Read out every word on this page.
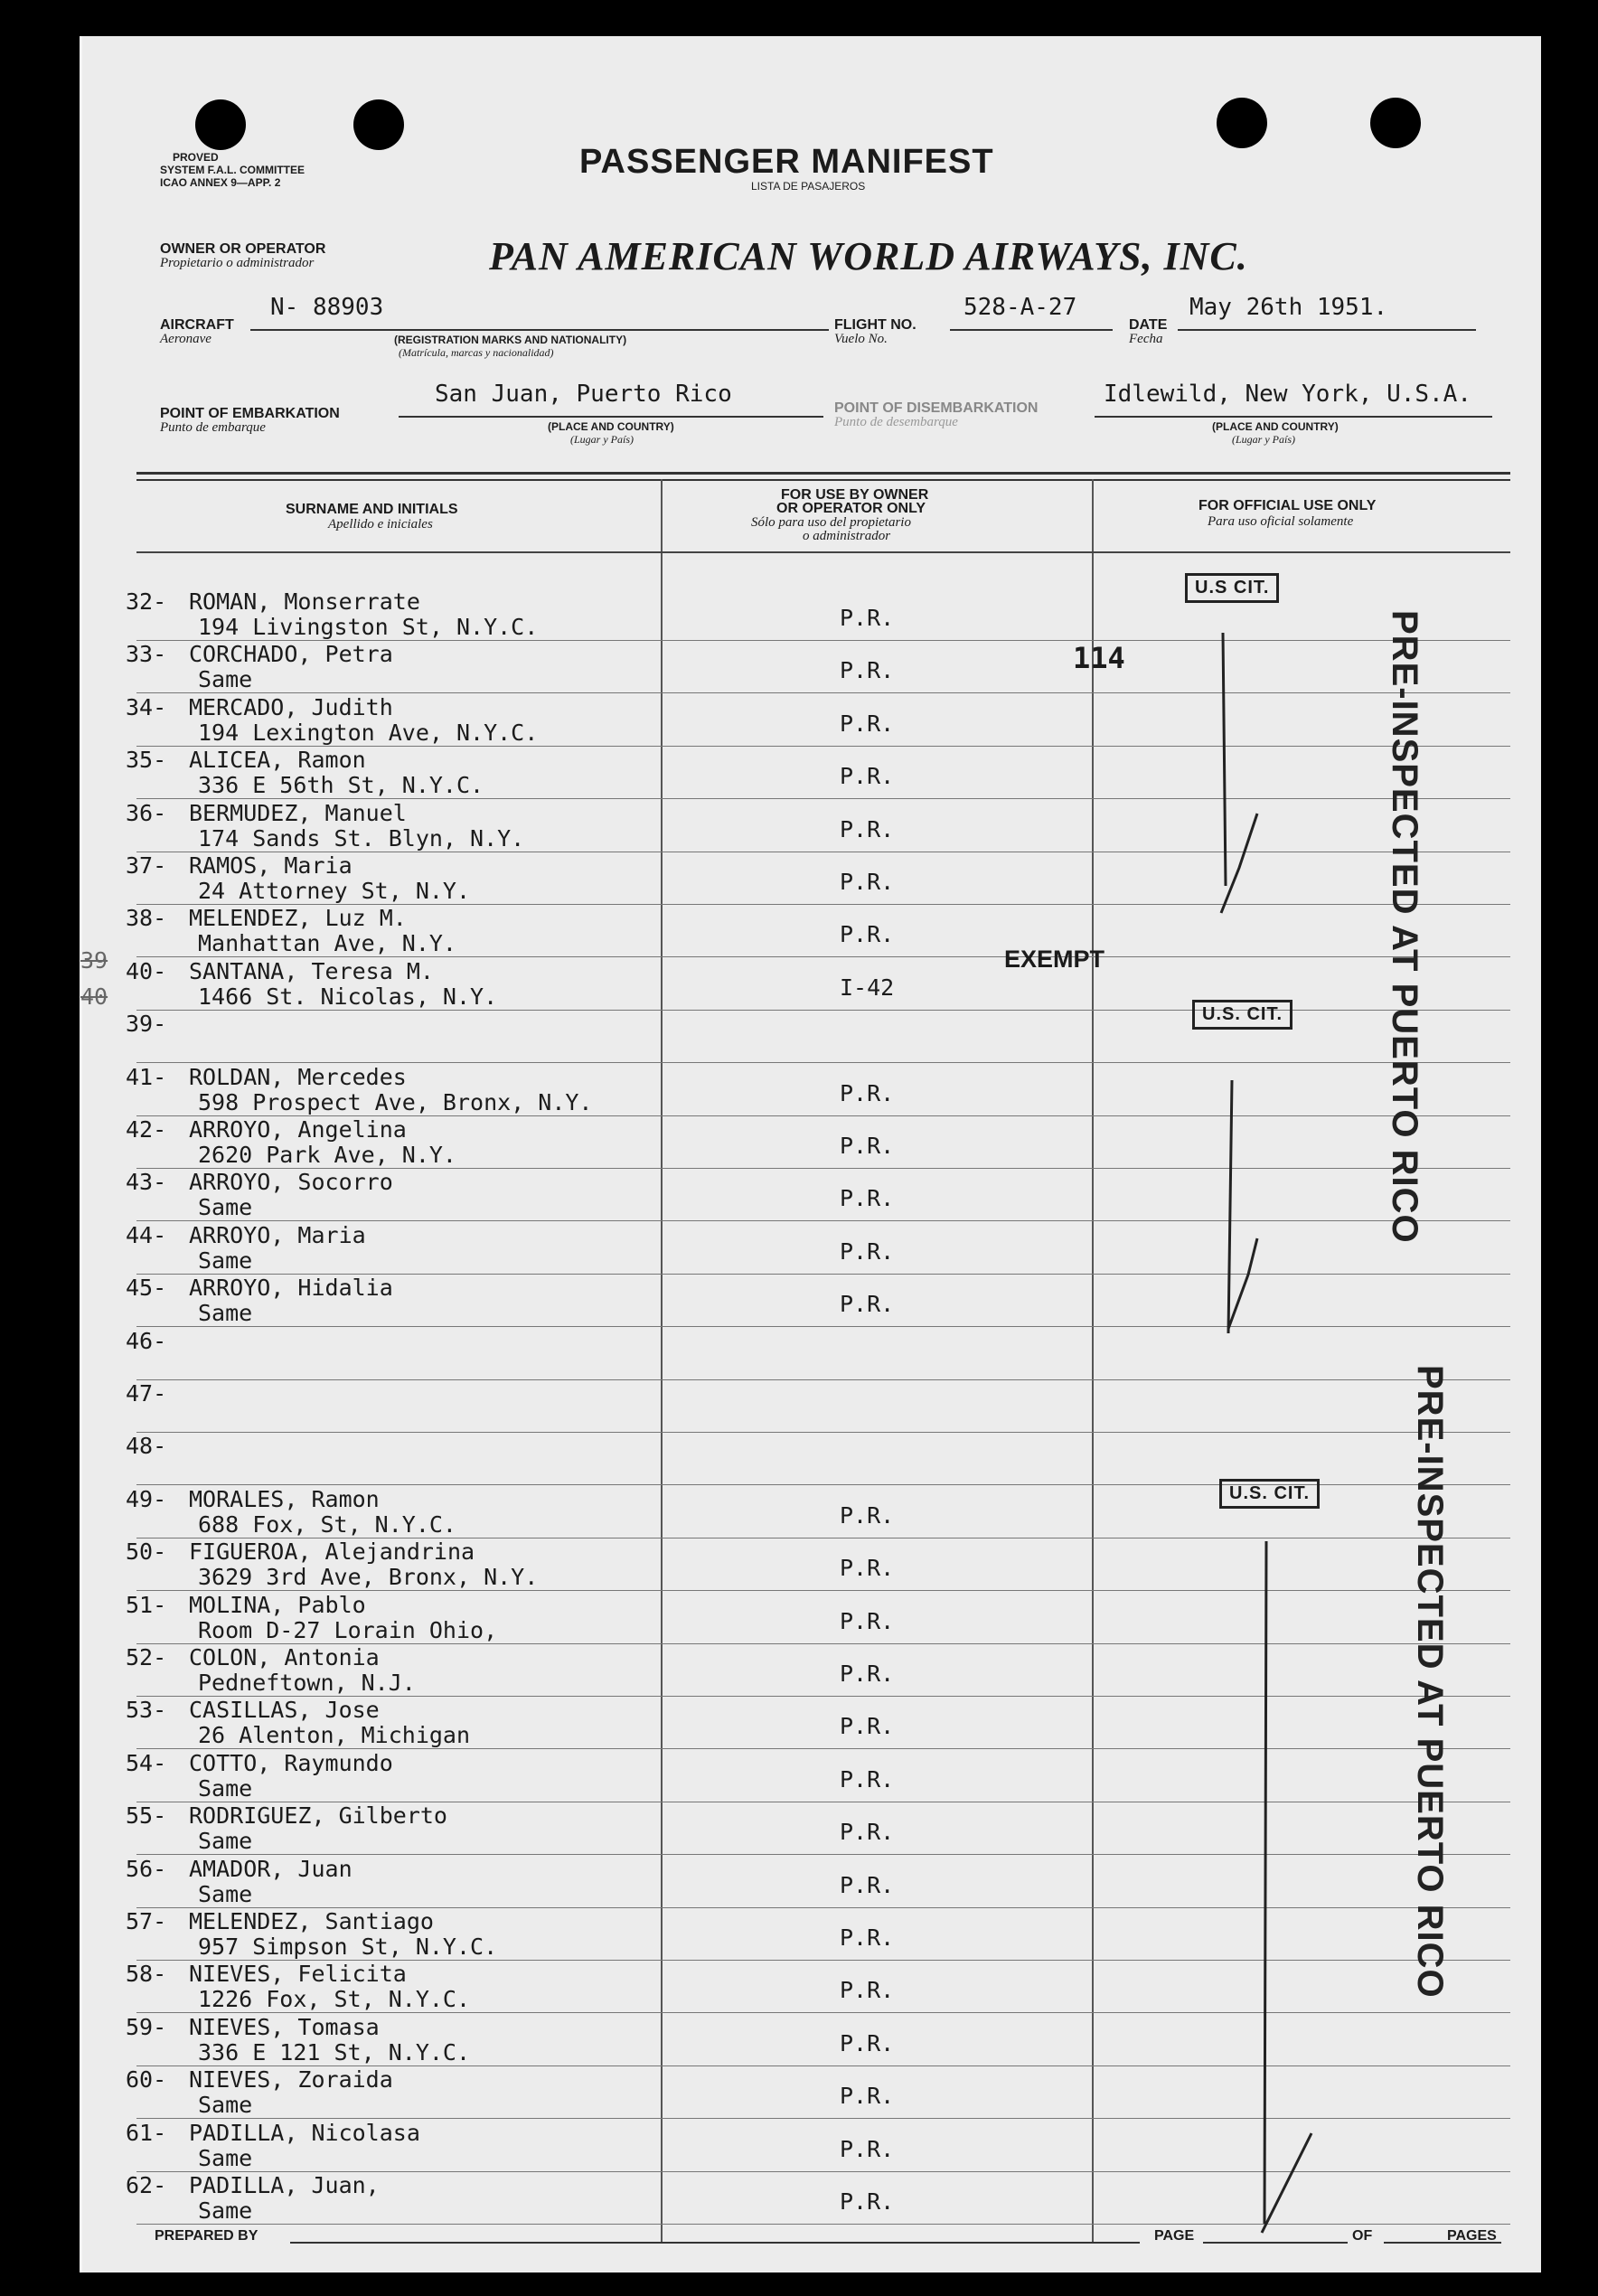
PROVED
SYSTEM F.A.L. COMMITTEE
ICAO ANNEX 9—APP. 2
PASSENGER MANIFEST
LISTA DE PASAJEROS
OWNER OR OPERATOR
Propietario o administrador	PAN AMERICAN WORLD AIRWAYS, INC.
AIRCRAFT
Aeronave
N- 88903
(REGISTRATION MARKS AND NATIONALITY)
(Matrícula, marcas y nacionalidad)
FLIGHT NO.
Vuelo No.
528-A-27
DATE
Fecha
May 26th 1951.
POINT OF EMBARKATION
Punto de embarque
San Juan, Puerto Rico
(PLACE AND COUNTRY)
(Lugar y País)
POINT OF DISEMBARKATION
Punto de desembarque
Idlewild, New York, U.S.A.
(PLACE AND COUNTRY)
(Lugar y País)
SURNAME AND INITIALS
Apellido e iniciales
FOR USE BY OWNER
OR OPERATOR ONLY
Sólo para uso del propietario
o administrador
FOR OFFICIAL USE ONLY
Para uso oficial solamente
32- ROMAN, Monserrate
194 Livingston St, N.Y.C.	P.R.
33- CORCHADO, Petra
Same	P.R.
34- MERCADO, Judith
194 Lexington Ave, N.Y.C.	P.R.
35- ALICEA, Ramon
336 E 56th St, N.Y.C.	P.R.
36- BERMUDEZ, Manuel
174 Sands St. Blyn, N.Y.	P.R.
37- RAMOS, Maria
24 Attorney St, N.Y.	P.R.
38- MELENDEZ, Luz M.
Manhattan Ave, N.Y.	P.R.
40- SANTANA, Teresa M.
1466 St. Nicolas, N.Y.	I-42
39-
41- ROLDAN, Mercedes
598 Prospect Ave, Bronx, N.Y.	P.R.
42- ARROYO, Angelina
2620 Park Ave, N.Y.	P.R.
43- ARROYO, Socorro
Same	P.R.
44- ARROYO, Maria
Same	P.R.
45- ARROYO, Hidalia
Same	P.R.
46-
47-
48-
49- MORALES, Ramon
688 Fox, St, N.Y.C.	P.R.
50- FIGUEROA, Alejandrina
3629 3rd Ave, Bronx, N.Y.	P.R.
51- MOLINA, Pablo
Room D-27 Lorain Ohio,	P.R.
52- COLON, Antonia
Pedneftown, N.J.	P.R.
53- CASILLAS, Jose
26 Alenton, Michigan	P.R.
54- COTTO, Raymundo
Same	P.R.
55- RODRIGUEZ, Gilberto
Same	P.R.
56- AMADOR, Juan
Same	P.R.
57- MELENDEZ, Santiago
957 Simpson St, N.Y.C.	P.R.
58- NIEVES, Felicita
1226 Fox, St, N.Y.C.	P.R.
59- NIEVES, Tomasa
336 E 121 St, N.Y.C.	P.R.
60- NIEVES, Zoraida
Same	P.R.
61- PADILLA, Nicolasa
Same	P.R.
62- PADILLA, Juan,
Same	P.R.
114
EXEMPT
39
40
U.S CIT.
U.S. CIT.
U.S. CIT.
PRE-INSPECTED AT PUERTO RICO
PRE-INSPECTED AT PUERTO RICO
PREPARED BY	PAGE	OF	PAGES
